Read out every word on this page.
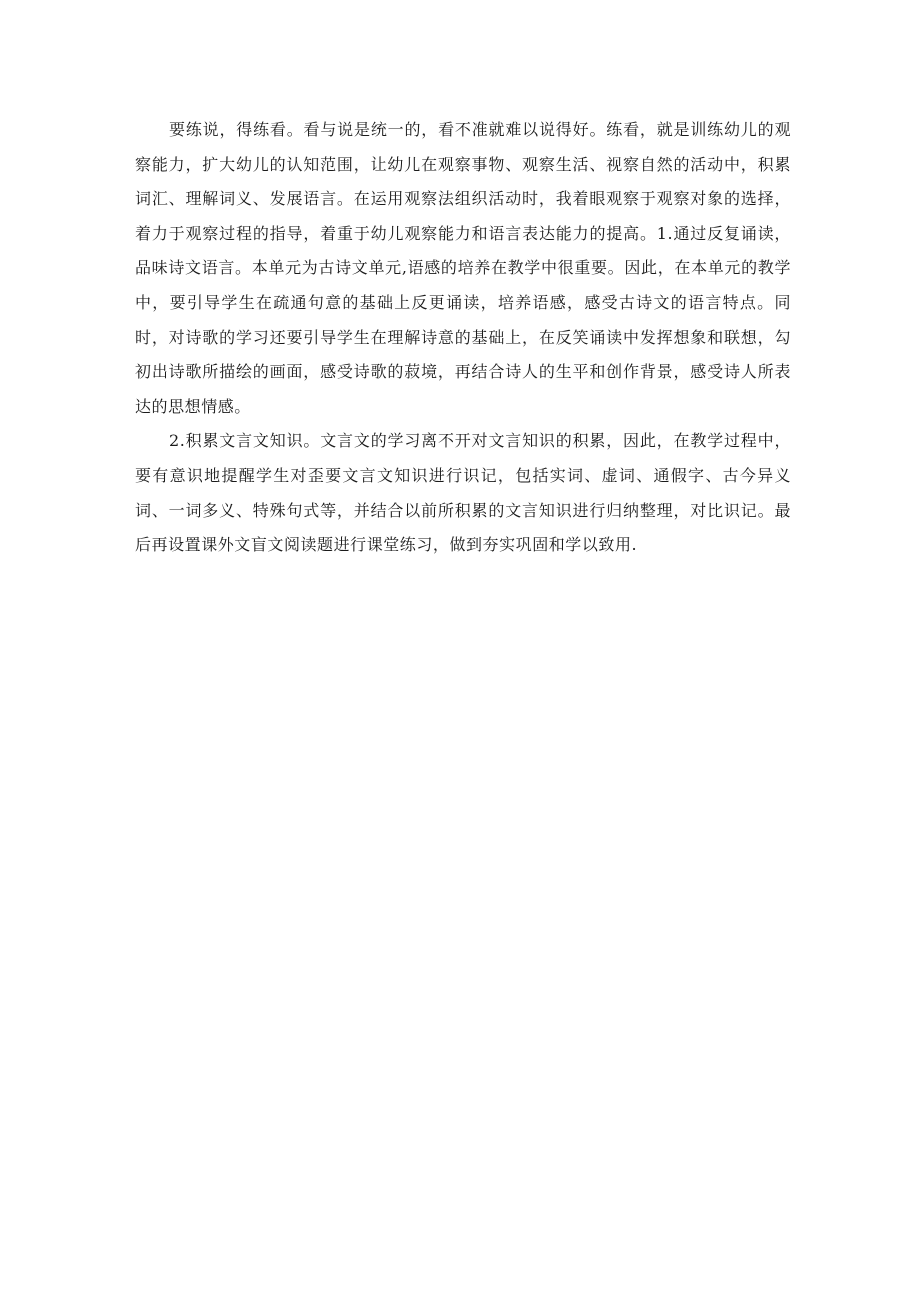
要练说，得练看。看与说是统一的，看不准就难以说得好。练看，就是训练幼儿的观察能力，扩大幼儿的认知范围，让幼儿在观察事物、观察生活、视察自然的活动中，积累词汇、理解词义、发展语言。在运用观察法组织活动时，我着眼观察于观察对象的选择，着力于观察过程的指导，着重于幼儿观察能力和语言表达能力的提高。1.通过反复诵读，品味诗文语言。本单元为古诗文单元,语感的培养在教学中很重要。因此，在本单元的教学中，要引导学生在疏通句意的基础上反更诵读，培养语感，感受古诗文的语言特点。同时，对诗歌的学习还要引导学生在理解诗意的基础上，在反笑诵读中发挥想象和联想，勾初出诗歌所描绘的画面，感受诗歌的菽境，再结合诗人的生平和创作背景，感受诗人所表达的思想情感。

2.积累文言文知识。文言文的学习离不开对文言知识的积累，因此，在教学过程中，要有意识地提醒学生对歪要文言文知识进行识记，包括实词、虚词、通假字、古今异义词、一词多义、特殊句式等，并结合以前所积累的文言知识进行归纳整理，对比识记。最后再设置课外文盲文阅读题进行课堂练习，做到夯实巩固和学以致用.
